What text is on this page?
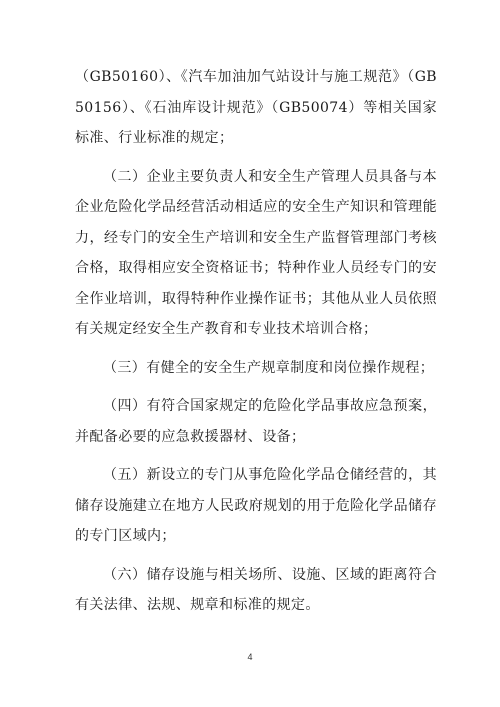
（GB50160）、《汽车加油加气站设计与施工规范》（GB50156）、《石油库设计规范》（GB50074）等相关国家标准、行业标准的规定；

（二）企业主要负责人和安全生产管理人员具备与本企业危险化学品经营活动相适应的安全生产知识和管理能力，经专门的安全生产培训和安全生产监督管理部门考核合格，取得相应安全资格证书；特种作业人员经专门的安全作业培训，取得特种作业操作证书；其他从业人员依照有关规定经安全生产教育和专业技术培训合格；

（三）有健全的安全生产规章制度和岗位操作规程；

（四）有符合国家规定的危险化学品事故应急预案，并配备必要的应急救援器材、设备；

（五）新设立的专门从事危险化学品仓储经营的，其储存设施建立在地方人民政府规划的用于危险化学品储存的专门区域内；

（六）储存设施与相关场所、设施、区域的距离符合有关法律、法规、规章和标准的规定。

4
